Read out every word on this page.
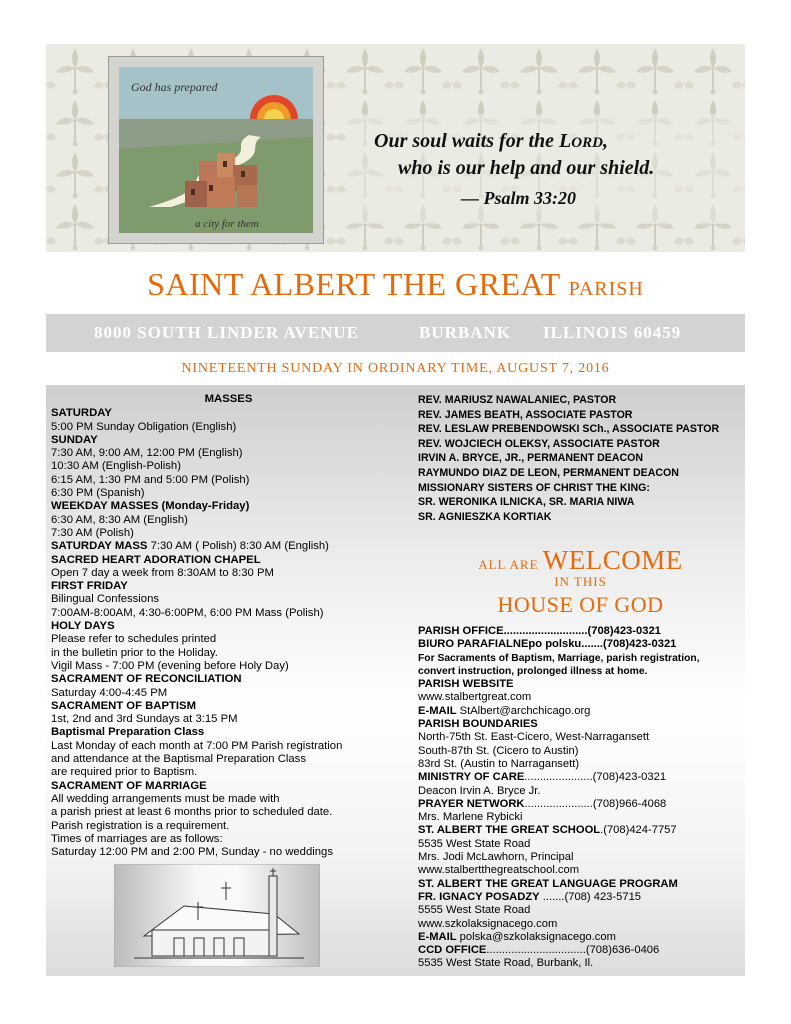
God has prepared
a city for them
Our soul waits for the LORD,
who is our help and our shield.
— Psalm 33:20
SAINT ALBERT THE GREAT PARISH
8000 SOUTH LINDER AVENUE	BURBANK ILLINOIS 60459
NINETEENTH SUNDAY IN ORDINARY TIME, AUGUST 7, 2016
MASSES
SATURDAY
5:00 PM Sunday Obligation (English)
SUNDAY
7:30 AM, 9:00 AM, 12:00 PM (English)
10:30 AM (English-Polish)
6:15 AM, 1:30 PM and 5:00 PM (Polish)
6:30 PM (Spanish)
WEEKDAY MASSES (Monday-Friday)
6:30 AM, 8:30 AM (English)
7:30 AM (Polish)
SATURDAY MASS 7:30 AM ( Polish) 8:30 AM (English)
SACRED HEART ADORATION CHAPEL
Open 7 day a week from 8:30AM to 8:30 PM
FIRST FRIDAY
Bilingual Confessions
7:00AM-8:00AM, 4:30-6:00PM, 6:00 PM Mass (Polish)
HOLY DAYS
Please refer to schedules printed
in the bulletin prior to the Holiday.
Vigil Mass - 7:00 PM (evening before Holy Day)
SACRAMENT OF RECONCILIATION
Saturday 4:00-4:45 PM
SACRAMENT OF BAPTISM
1st, 2nd and 3rd Sundays at 3:15 PM
Baptismal Preparation Class
Last Monday of each month at 7:00 PM Parish registration
and attendance at the Baptismal Preparation Class
are required prior to Baptism.
SACRAMENT OF MARRIAGE
All wedding arrangements must be made with
a parish priest at least 6 months prior to scheduled date.
Parish registration is a requirement.
Times of marriages are as follows:
Saturday 12:00 PM and 2:00 PM, Sunday - no weddings
REV. MARIUSZ NAWALANIEC, PASTOR
REV. JAMES BEATH, ASSOCIATE PASTOR
REV. LESLAW PREBENDOWSKI SCh., ASSOCIATE PASTOR
REV. WOJCIECH OLEKSY, ASSOCIATE PASTOR
IRVIN A. BRYCE, JR., PERMANENT DEACON
RAYMUNDO DIAZ DE LEON, PERMANENT DEACON
MISSIONARY SISTERS OF CHRIST THE KING:
SR. WERONIKA ILNICKA, SR. MARIA NIWA
SR. AGNIESZKA KORTIAK
ALL ARE WELCOME
IN THIS
HOUSE OF GOD
PARISH OFFICE...........................(708)423-0321
BIURO PARAFIALNEpo polsku.......(708)423-0321
For Sacraments of Baptism, Marriage, parish registration,
convert instruction, prolonged illness at home.
PARISH WEBSITE
www.stalbertgreat.com
E-MAIL StAlbert@archchicago.org
PARISH BOUNDARIES
North-75th St. East-Cicero, West-Narragansett
South-87th St. (Cicero to Austin)
83rd St. (Austin to Narragansett)
MINISTRY OF CARE......................(708)423-0321
Deacon Irvin A. Bryce Jr.
PRAYER NETWORK......................(708)966-4068
Mrs. Marlene Rybicki
ST. ALBERT THE GREAT SCHOOL.(708)424-7757
5535 West State Road
Mrs. Jodi McLawhorn, Principal
www.stalbertthegreatschool.com
ST. ALBERT THE GREAT LANGUAGE PROGRAM
FR. IGNACY POSADZY .......(708) 423-5715
5555 West State Road
www.szkolaksignacego.com
E-MAIL polska@szkolaksignacego.com
CCD OFFICE................................(708)636-0406
5535 West State Road, Burbank, Il.
